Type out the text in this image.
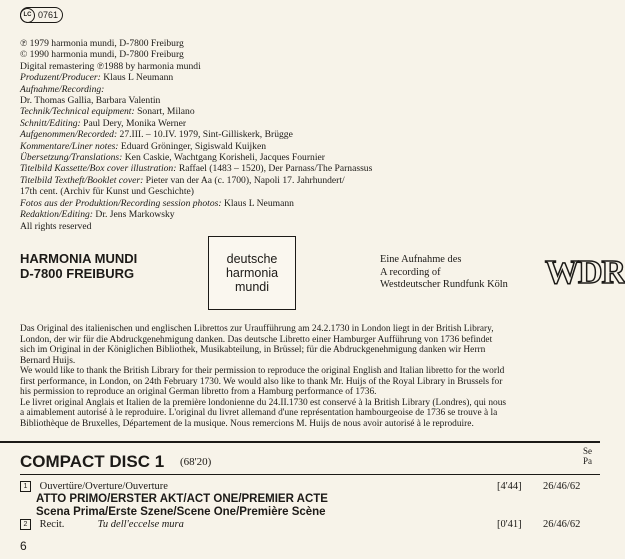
LC 0761
℗ 1979 harmonia mundi, D-7800 Freiburg
© 1990 harmonia mundi, D-7800 Freiburg
Digital remastering ℗1988 by harmonia mundi
Produzent/Producer: Klaus L Neumann
Aufnahme/Recording:
Dr. Thomas Gallia, Barbara Valentin
Technik/Technical equipment: Sonart, Milano
Schnitt/Editing: Paul Dery, Monika Werner
Aufgenommen/Recorded: 27.III. – 10.IV. 1979, Sint-Gilliskerk, Brügge
Kommentare/Liner notes: Eduard Gröninger, Sigiswald Kuijken
Übersetzung/Translations: Ken Caskie, Wachtgang Korisheli, Jacques Fournier
Titelbild Kassette/Box cover illustration: Raffael (1483 – 1520), Der Parnass/The Parnassus
Titelbild Textheft/Booklet cover: Pieter van der Aa (c. 1700), Napoli 17. Jahrhundert/
17th cent. (Archiv für Kunst und Geschichte)
Fotos aus der Produktion/Recording session photos: Klaus L Neumann
Redaktion/Editing: Dr. Jens Markowsky
All rights reserved
HARMONIA MUNDI
D-7800 FREIBURG
deutsche
harmonia
mundi
Eine Aufnahme des
A recording of
Westdeutscher Rundfunk Köln WDR
Das Original des italienischen und englischen Librettos zur Uraufführung am 24.2.1730 in London liegt in der British Library,
London, der wir für die Abdruckgenehmigung danken. Das deutsche Libretto einer Hamburger Aufführung von 1736 befindet
sich im Original in der Königlichen Bibliothek, Musikabteilung, in Brüssel; für die Abdruckgenehmigung danken wir Herrn
Bernard Huijs.
We would like to thank the British Library for their permission to reproduce the original English and Italian libretto for the world
first performance, in London, on 24th February 1730. We would also like to thank Mr. Huijs of the Royal Library in Brussels for
his permission to reproduce an original German libretto from a Hamburg performance of 1736.
Le livret original Anglais et Italien de la première londonienne du 24.II.1730 est conservé à la British Library (Londres), qui nous
a aimablement autorisé à le reproduire. L'original du livret allemand d'une représentation hambourgeoise de 1736 se trouve à la
Bibliothèque de Bruxelles, Département de la musique. Nous remercions M. Huijs de nous avoir autorisé à le reproduire.
COMPACT DISC 1 (68'20)
Se
Pa
1 Ouvertüre/Overture/Ouverture	[4'44] 26/46/62
ATTO PRIMO/ERSTER AKT/ACT ONE/PREMIER ACTE
Scena Prima/Erste Szene/Scene One/Première Scène
2 Recit.	Tu dell'eccelse mura	[0'41] 26/46/62
6
